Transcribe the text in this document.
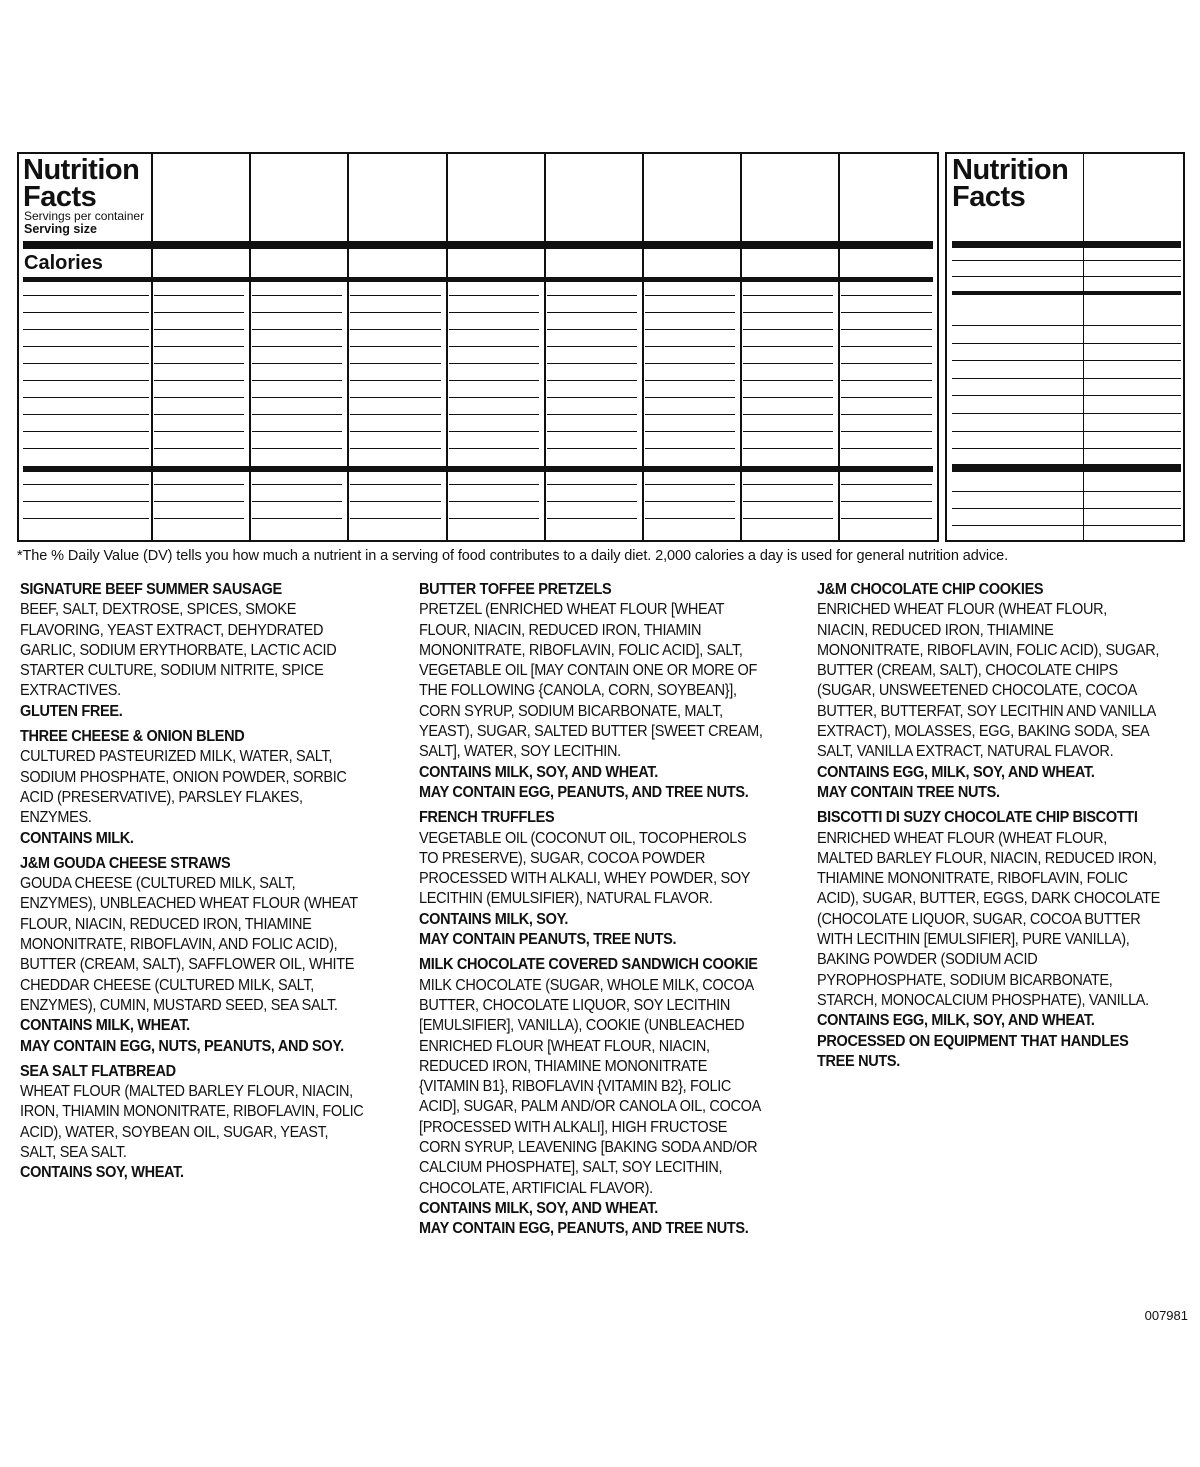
Nutrition Facts
Servings per container
Serving size
Calories
Nutrition Facts
*The % Daily Value (DV) tells you how much a nutrient in a serving of food contributes to a daily diet. 2,000 calories a day is used for general nutrition advice.
SIGNATURE BEEF SUMMER SAUSAGE

BEEF, SALT, DEXTROSE, SPICES, SMOKE FLAVORING, YEAST EXTRACT, DEHYDRATED GARLIC, SODIUM ERYTHORBATE, LACTIC ACID STARTER CULTURE, SODIUM NITRITE, SPICE EXTRACTIVES.

GLUTEN FREE.
THREE CHEESE & ONION BLEND

CULTURED PASTEURIZED MILK, WATER, SALT, SODIUM PHOSPHATE, ONION POWDER, SORBIC ACID (PRESERVATIVE), PARSLEY FLAKES, ENZYMES.

CONTAINS MILK.
J&M GOUDA CHEESE STRAWS

GOUDA CHEESE (CULTURED MILK, SALT, ENZYMES), UNBLEACHED WHEAT FLOUR (WHEAT FLOUR, NIACIN, REDUCED IRON, THIAMINE MONONITRATE, RIBOFLAVIN, AND FOLIC ACID), BUTTER (CREAM, SALT), SAFFLOWER OIL, WHITE CHEDDAR CHEESE (CULTURED MILK, SALT, ENZYMES), CUMIN, MUSTARD SEED, SEA SALT.

CONTAINS MILK, WHEAT.
MAY CONTAIN EGG, NUTS, PEANUTS, AND SOY.
SEA SALT FLATBREAD

WHEAT FLOUR (MALTED BARLEY FLOUR, NIACIN, IRON, THIAMIN MONONITRATE, RIBOFLAVIN, FOLIC ACID), WATER, SOYBEAN OIL, SUGAR, YEAST, SALT, SEA SALT.

CONTAINS SOY, WHEAT.
BUTTER TOFFEE PRETZELS

PRETZEL (ENRICHED WHEAT FLOUR [WHEAT FLOUR, NIACIN, REDUCED IRON, THIAMIN MONONITRATE, RIBOFLAVIN, FOLIC ACID], SALT, VEGETABLE OIL [MAY CONTAIN ONE OR MORE OF THE FOLLOWING {CANOLA, CORN, SOYBEAN}], CORN SYRUP, SODIUM BICARBONATE, MALT, YEAST), SUGAR, SALTED BUTTER [SWEET CREAM, SALT], WATER, SOY LECITHIN.

CONTAINS MILK, SOY, AND WHEAT.
MAY CONTAIN EGG, PEANUTS, AND TREE NUTS.
FRENCH TRUFFLES

VEGETABLE OIL (COCONUT OIL, TOCOPHEROLS TO PRESERVE), SUGAR, COCOA POWDER PROCESSED WITH ALKALI, WHEY POWDER, SOY LECITHIN (EMULSIFIER), NATURAL FLAVOR.

CONTAINS MILK, SOY.
MAY CONTAIN PEANUTS, TREE NUTS.
MILK CHOCOLATE COVERED SANDWICH COOKIE

MILK CHOCOLATE (SUGAR, WHOLE MILK, COCOA BUTTER, CHOCOLATE LIQUOR, SOY LECITHIN [EMULSIFIER], VANILLA), COOKIE (UNBLEACHED ENRICHED FLOUR [WHEAT FLOUR, NIACIN, REDUCED IRON, THIAMINE MONONITRATE {VITAMIN B1}, RIBOFLAVIN {VITAMIN B2}, FOLIC ACID], SUGAR, PALM AND/OR CANOLA OIL, COCOA [PROCESSED WITH ALKALI], HIGH FRUCTOSE CORN SYRUP, LEAVENING [BAKING SODA AND/OR CALCIUM PHOSPHATE], SALT, SOY LECITHIN, CHOCOLATE, ARTIFICIAL FLAVOR).

CONTAINS MILK, SOY, AND WHEAT.
MAY CONTAIN EGG, PEANUTS, AND TREE NUTS.
J&M CHOCOLATE CHIP COOKIES

ENRICHED WHEAT FLOUR (WHEAT FLOUR, NIACIN, REDUCED IRON, THIAMINE MONONITRATE, RIBOFLAVIN, FOLIC ACID), SUGAR, BUTTER (CREAM, SALT), CHOCOLATE CHIPS (SUGAR, UNSWEETENED CHOCOLATE, COCOA BUTTER, BUTTERFAT, SOY LECITHIN AND VANILLA EXTRACT), MOLASSES, EGG, BAKING SODA, SEA SALT, VANILLA EXTRACT, NATURAL FLAVOR.

CONTAINS EGG, MILK, SOY, AND WHEAT.
MAY CONTAIN TREE NUTS.
BISCOTTI DI SUZY CHOCOLATE CHIP BISCOTTI

ENRICHED WHEAT FLOUR (WHEAT FLOUR, MALTED BARLEY FLOUR, NIACIN, REDUCED IRON, THIAMINE MONONITRATE, RIBOFLAVIN, FOLIC ACID), SUGAR, BUTTER, EGGS, DARK CHOCOLATE (CHOCOLATE LIQUOR, SUGAR, COCOA BUTTER WITH LECITHIN [EMULSIFIER], PURE VANILLA), BAKING POWDER (SODIUM ACID PYROPHOSPHATE, SODIUM BICARBONATE, STARCH, MONOCALCIUM PHOSPHATE), VANILLA.

CONTAINS EGG, MILK, SOY, AND WHEAT.
PROCESSED ON EQUIPMENT THAT HANDLES TREE NUTS.
007981
